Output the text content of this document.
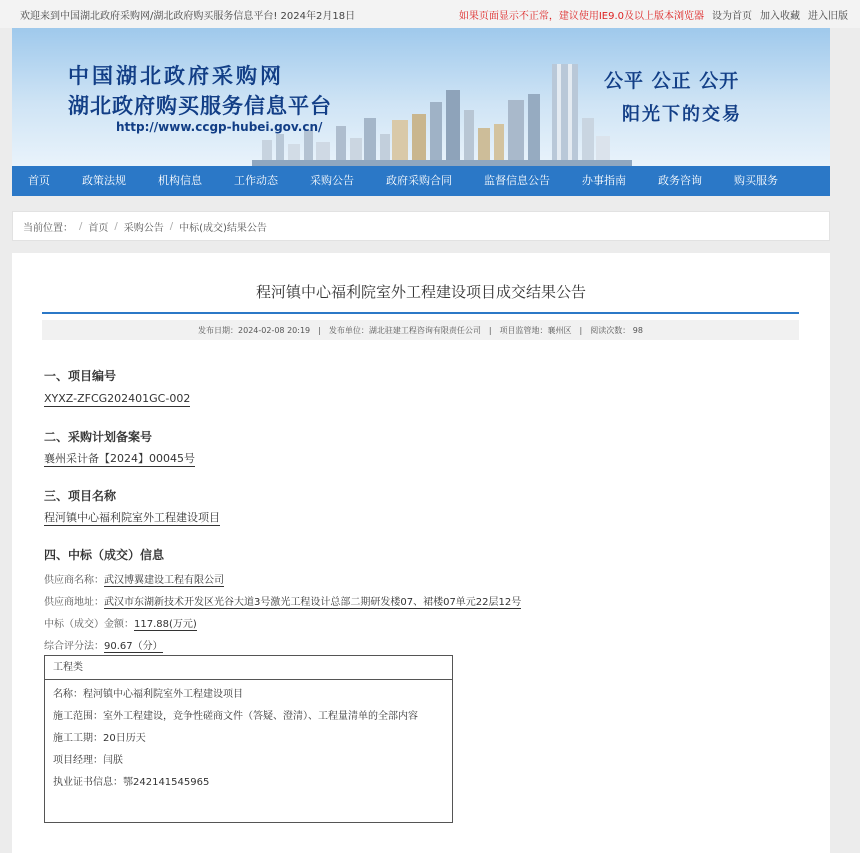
欢迎来到中国湖北政府采购网/湖北政府购买服务信息平台! 2024年2月18日	如果页面显示不正常，建议使用IE9.0及以上版本浏览器 设为首页 加入收藏 进入旧版
中国湖北政府采购网
湖北政府购买服务信息平台
http://www.ccgp-hubei.gov.cn/
公平 公正 公开
阳光下的交易
首页	政策法规	机构信息	工作动态	采购公告	政府采购合同	监督信息公告	办事指南	政务咨询	购买服务
当前位置： / 首页 / 采购公告 / 中标(成交)结果公告
程河镇中心福利院室外工程建设项目成交结果公告
发布日期：2024-02-08 20:19 | 发布单位：湖北驻建工程咨询有限责任公司 | 项目监管地：襄州区 | 阅读次数： 98
一、项目编号
XYXZ-ZFCG202401GC-002
二、采购计划备案号
襄州采计备【2024】00045号
三、项目名称
程河镇中心福利院室外工程建设项目
四、中标（成交）信息
供应商名称：武汉博翼建设工程有限公司
供应商地址：武汉市东湖新技术开发区光谷大道3号激光工程设计总部二期研发楼07、裙楼07单元22层12号
中标（成交）金额：117.88(万元)
综合评分法：90.67（分）
工程类
名称：程河镇中心福利院室外工程建设项目
施工范围：室外工程建设，竞争性磋商文件（答疑、澄清）、工程量清单的全部内容
施工工期：20日历天
项目经理：闫朕
执业证书信息：鄂242141545965
